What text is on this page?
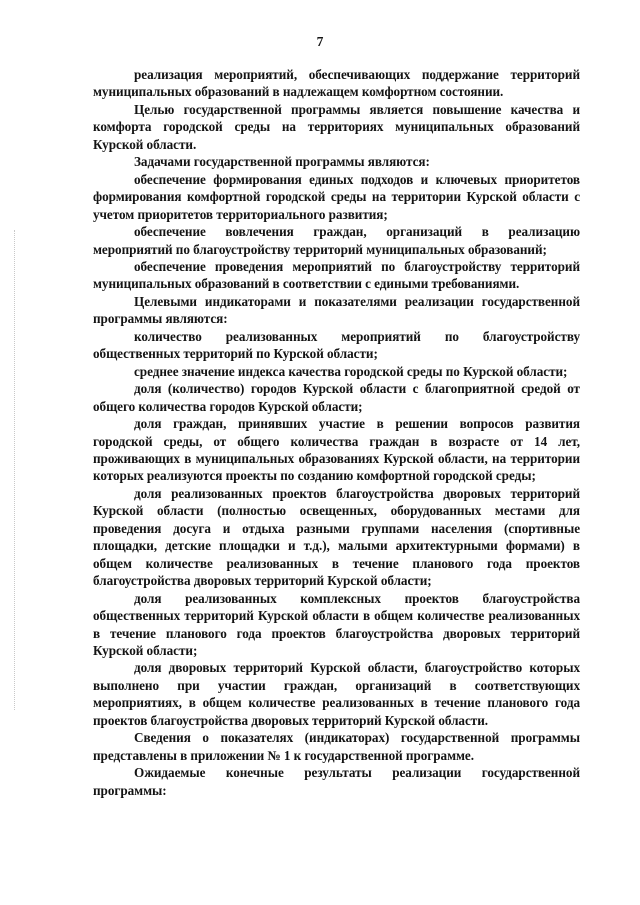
7

реализация мероприятий, обеспечивающих поддержание территорий муниципальных образований в надлежащем комфортном состоянии.

Целью государственной программы является повышение качества и комфорта городской среды на территориях муниципальных образований Курской области.

Задачами государственной программы являются:

обеспечение формирования единых подходов и ключевых приоритетов формирования комфортной городской среды на территории Курской области с учетом приоритетов территориального развития;

обеспечение вовлечения граждан, организаций в реализацию мероприятий по благоустройству территорий муниципальных образований;

обеспечение проведения мероприятий по благоустройству территорий муниципальных образований в соответствии с едиными требованиями.

Целевыми индикаторами и показателями реализации государственной программы являются:

количество реализованных мероприятий по благоустройству общественных территорий по Курской области;

среднее значение индекса качества городской среды по Курской области;

доля (количество) городов Курской области с благоприятной средой от общего количества городов Курской области;

доля граждан, принявших участие в решении вопросов развития городской среды, от общего количества граждан в возрасте от 14 лет, проживающих в муниципальных образованиях Курской области, на территории которых реализуются проекты по созданию комфортной городской среды;

доля реализованных проектов благоустройства дворовых территорий Курской области (полностью освещенных, оборудованных местами для проведения досуга и отдыха разными группами населения (спортивные площадки, детские площадки и т.д.), малыми архитектурными формами) в общем количестве реализованных в течение планового года проектов благоустройства дворовых территорий Курской области;

доля реализованных комплексных проектов благоустройства общественных территорий Курской области в общем количестве реализованных в течение планового года проектов благоустройства дворовых территорий Курской области;

доля дворовых территорий Курской области, благоустройство которых выполнено при участии граждан, организаций в соответствующих мероприятиях, в общем количестве реализованных в течение планового года проектов благоустройства дворовых территорий Курской области.

Сведения о показателях (индикаторах) государственной программы представлены в приложении № 1 к государственной программе.

Ожидаемые конечные результаты реализации государственной программы:
